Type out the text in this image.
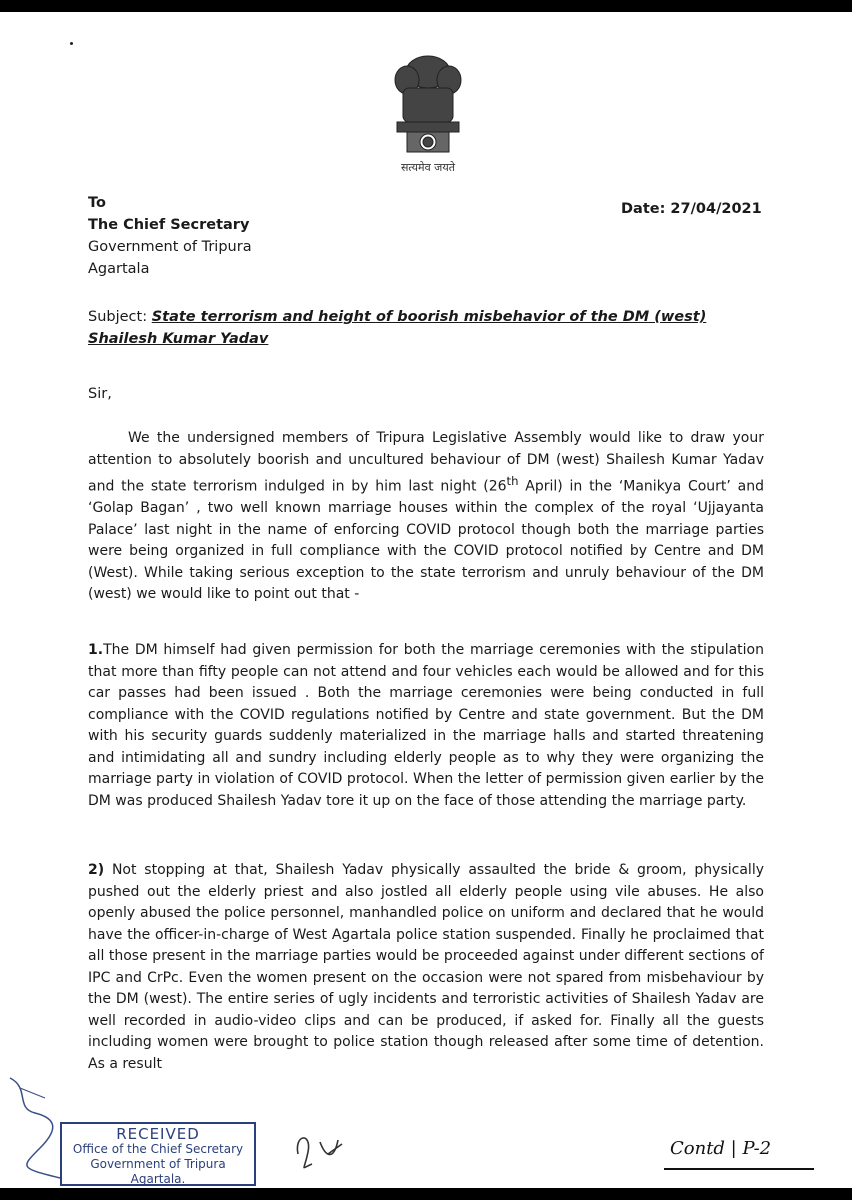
सत्यमेव जयते
To
The Chief Secretary
Government of Tripura
Agartala
Date: 27/04/2021
Subject: State terrorism and height of boorish misbehavior of the DM (west) Shailesh Kumar Yadav
Sir,
We the undersigned members of Tripura Legislative Assembly would like to draw your attention to absolutely boorish and uncultured behaviour of DM (west) Shailesh Kumar Yadav and the state terrorism indulged in by him last night (26th April) in the ‘Manikya Court’ and ‘Golap Bagan’ , two well known marriage houses within the complex of the royal ‘Ujjayanta Palace’ last night in the name of enforcing COVID protocol though both the marriage parties were being organized in full compliance with the COVID protocol notified by Centre and DM (West). While taking serious exception to the state terrorism and unruly behaviour of the DM (west) we would like to point out that -
1.The DM himself had given permission for both the marriage ceremonies with the stipulation that more than fifty people can not attend and four vehicles each would be allowed and for this car passes had been issued . Both the marriage ceremonies were being conducted in full compliance with the COVID regulations notified by Centre and state government. But the DM with his security guards suddenly materialized in the marriage halls and started threatening and intimidating all and sundry including elderly people as to why they were organizing the marriage party in violation of COVID protocol. When the letter of permission given earlier by the DM was produced Shailesh Yadav tore it up on the face of those attending the marriage party.
2) Not stopping at that, Shailesh Yadav physically assaulted the bride & groom, physically pushed out the elderly priest and also jostled all elderly people using vile abuses. He also openly abused the police personnel, manhandled police on uniform and declared that he would have the officer-in-charge of West Agartala police station suspended. Finally he proclaimed that all those present in the marriage parties would be proceeded against under different sections of IPC and CrPc. Even the women present on the occasion were not spared from misbehaviour by the DM (west). The entire series of ugly incidents and terroristic activities of Shailesh Yadav are well recorded in audio-video clips and can be produced, if asked for. Finally all the guests including women were brought to police station though released after some time of detention. As a result
RECEIVED
Office of the Chief Secretary
Government of Tripura
Agartala.
Contd | P-2
